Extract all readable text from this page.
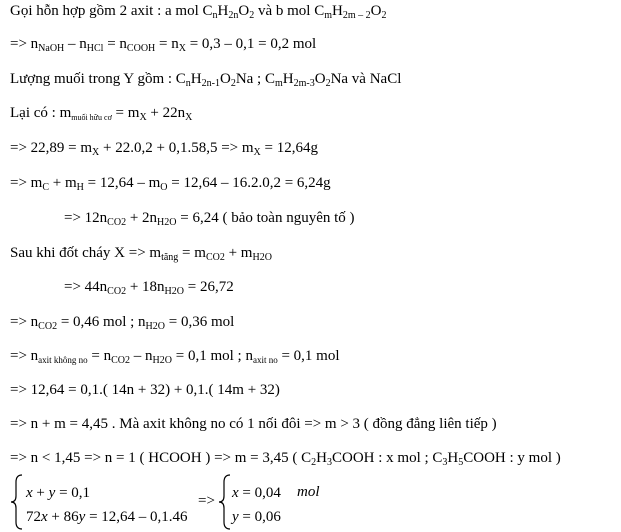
Gọi hỗn hợp gồm 2 axit : a mol $C_nH_{2n}O_2$ và b mol $C_mH_{2m - 2}O_2$
=> $n_{NaOH} - n_{HCl} = n_{COOH} = n_X = 0,3 - 0,1 = 0,2$ mol
Lượng muối trong Y gồm : $C_nH_{2n-1}O_2Na$ ; $C_mH_{2m-3}O_2Na$ và NaCl
Lại có : $m_{muối hữu cơ} = m_X + 22n_X$
=> $22,89 = m_X + 22.0,2 + 0,1.58,5 => m_X = 12,64g$
=> $m_C + m_H = 12,64 - m_O = 12,64 - 16.2.0,2 = 6,24g$
=> $12n_{CO2} + 2n_{H2O} = 6,24$ ( bảo toàn nguyên tố )
Sau khi đốt cháy $X => m_{tăng} = m_{CO2} + m_{H2O}$
=> $44n_{CO2} + 18n_{H2O} = 26,72$
=> $n_{CO2} = 0,46$ mol ; $n_{H2O} = 0,36$ mol
=> $n_{axit không no} = n_{CO2} - n_{H2O} = 0,1$ mol ; $n_{axit no} = 0,1$ mol
=> 12,64 = 0,1.( 14n + 32) + 0,1.( 14m + 32)
=> n + m = 4,45 . Mà axit không no có 1 nối đôi => m > 3 ( đồng đẳng liên tiếp )
=> n < 1,45 => n = 1 ( HCOOH ) => m = 3,45 ( $C_2H_3COOH$ : x mol ; $C_3H_5COOH$ : y mol )
x + y = 0,1
72x + 86y = 12,64 – 0,1.46
=> x = 0,04
y = 0,06
mol
